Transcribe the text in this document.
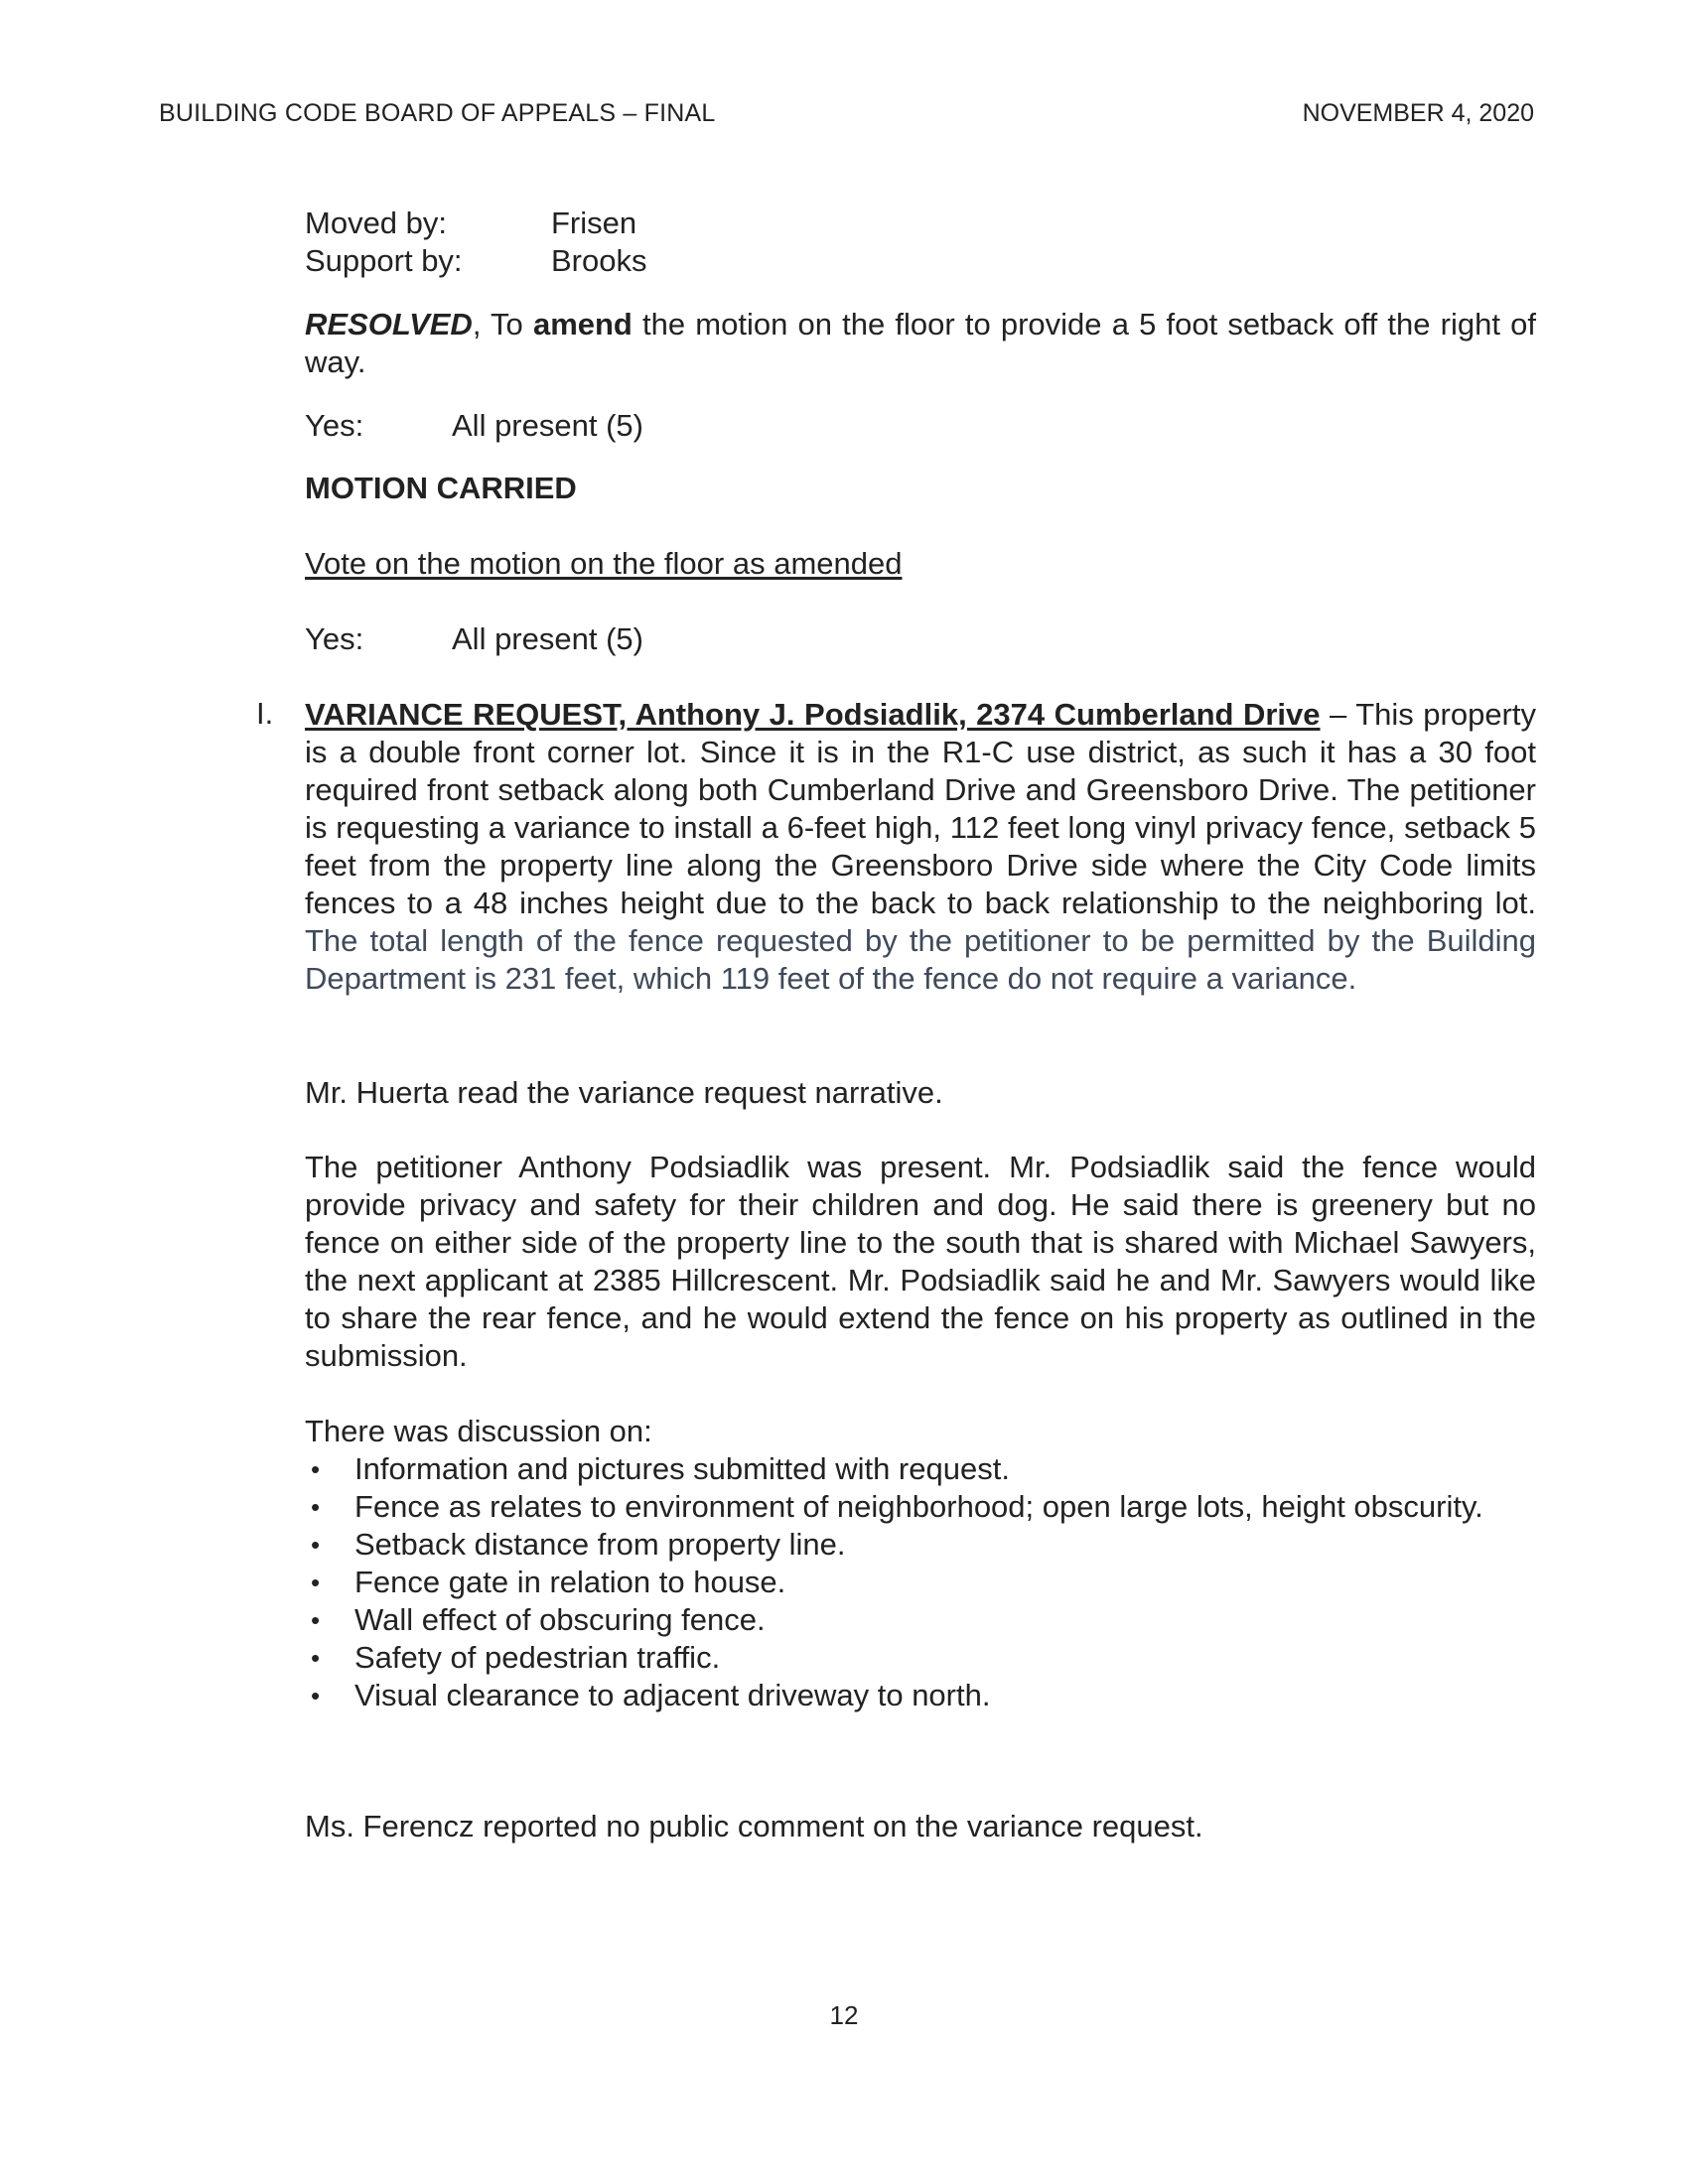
BUILDING CODE BOARD OF APPEALS – FINAL	NOVEMBER 4, 2020
Moved by:	Frisen
Support by:	Brooks
RESOLVED, To amend the motion on the floor to provide a 5 foot setback off the right of way.
Yes:	All present (5)
MOTION CARRIED
Vote on the motion on the floor as amended
Yes:	All present (5)
I. VARIANCE REQUEST, Anthony J. Podsiadlik, 2374 Cumberland Drive – This property is a double front corner lot. Since it is in the R1-C use district, as such it has a 30 foot required front setback along both Cumberland Drive and Greensboro Drive. The petitioner is requesting a variance to install a 6-feet high, 112 feet long vinyl privacy fence, setback 5 feet from the property line along the Greensboro Drive side where the City Code limits fences to a 48 inches height due to the back to back relationship to the neighboring lot. The total length of the fence requested by the petitioner to be permitted by the Building Department is 231 feet, which 119 feet of the fence do not require a variance.
Mr. Huerta read the variance request narrative.
The petitioner Anthony Podsiadlik was present. Mr. Podsiadlik said the fence would provide privacy and safety for their children and dog. He said there is greenery but no fence on either side of the property line to the south that is shared with Michael Sawyers, the next applicant at 2385 Hillcrescent. Mr. Podsiadlik said he and Mr. Sawyers would like to share the rear fence, and he would extend the fence on his property as outlined in the submission.
There was discussion on:
• Information and pictures submitted with request.
• Fence as relates to environment of neighborhood; open large lots, height obscurity.
• Setback distance from property line.
• Fence gate in relation to house.
• Wall effect of obscuring fence.
• Safety of pedestrian traffic.
• Visual clearance to adjacent driveway to north.
Ms. Ferencz reported no public comment on the variance request.
12
